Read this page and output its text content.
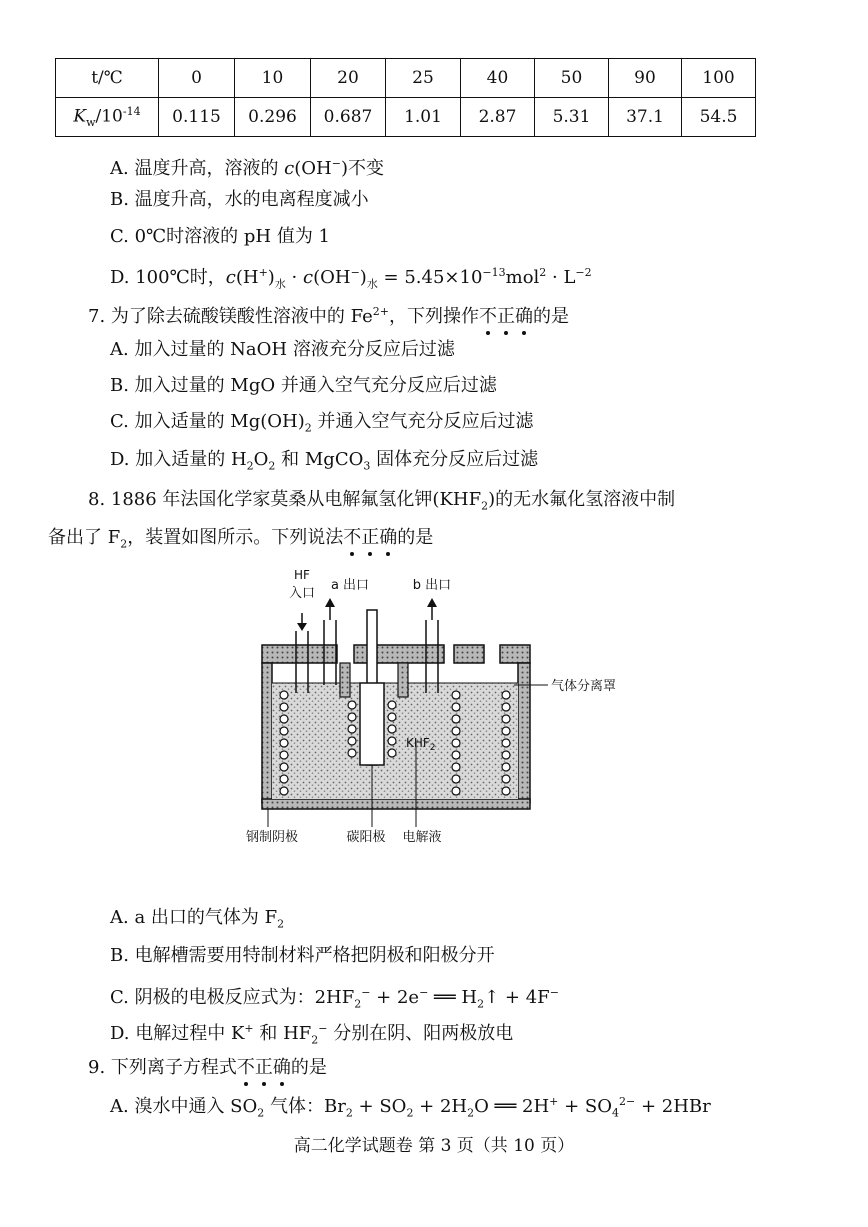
t/℃	0	10	20	25	40	50	90	100
$K_w/10^{-14}$	0.115	0.296	0.687	1.01	2.87	5.31	37.1	54.5
A. 温度升高，溶液的 c(OH−)不变
B. 温度升高，水的电离程度减小
C. 0℃时溶液的 pH 值为 1
D. 100℃时，$c(H^+)_水 \cdot c(OH^-)_水 = 5.45\times 10^{-13}mol^2 \cdot L^{-2}$
7. 为了除去硫酸镁酸性溶液中的 $Fe^{2+}$，下列操作不正确的是
A. 加入过量的 NaOH 溶液充分反应后过滤
B. 加入过量的 MgO 并通入空气充分反应后过滤
C. 加入适量的 $Mg(OH)_2$ 并通入空气充分反应后过滤
D. 加入适量的 $H_2O_2$ 和 MgCO$_3$ 固体充分反应后过滤
8. 1886 年法国化学家莫桑从电解氟氢化钾$(KHF_2)$的无水氟化氢溶液中制
备出了 $F_2$，装置如图所示。下列说法不正确的是
HF
入口
a 出口	b 出口
气体分离罩
$KHF_2$
钢制阴极	碳阳极 电解液
A. a 出口的气体为 $F_2$
B. 电解槽需要用特制材料严格把阴极和阳极分开
C. 阴极的电极反应式为：$2HF_2^- + 2e^-$ ══ $H_2↑ + 4F^-$
D. 电解过程中 K+ 和 $HF_2^-$ 分别在阴、阳两极放电
9. 下列离子方程式不正确的是
A. 溴水中通入 $SO_2$ 气体：$Br_2 + SO_2 + 2H_2O$ ══ $2H^+ + SO_4^{2-} + 2HBr$
高二化学试题卷 第 3 页（共 10 页）
